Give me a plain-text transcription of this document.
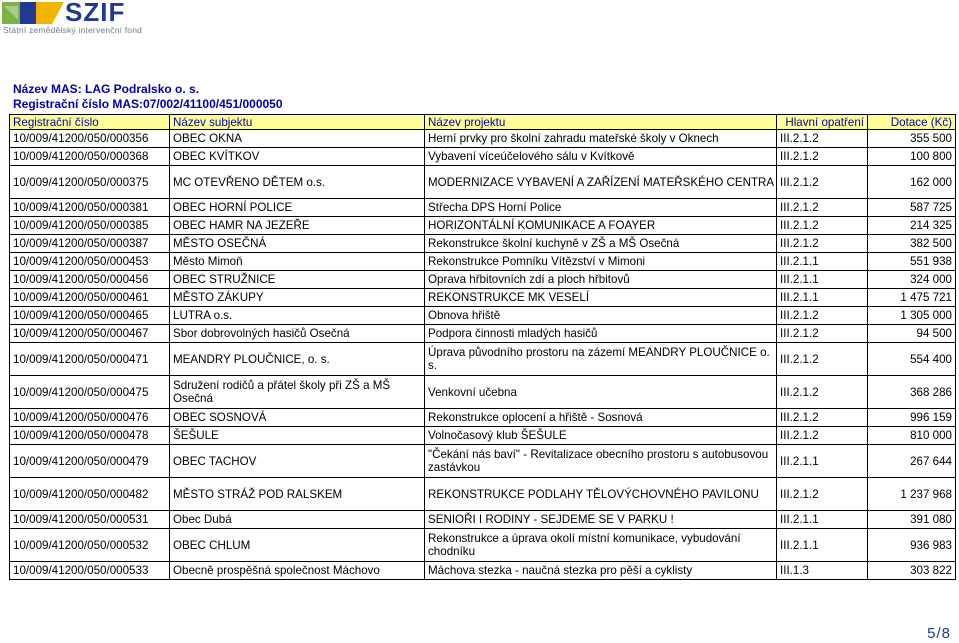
SZIF
Státní zemědělský intervenční fond
Název MAS: LAG Podralsko o. s.
Registrační číslo MAS:07/002/41100/451/000050
Registrační číslo	Název subjektu	Název projektu	Hlavní opatření	Dotace (Kč)
10/009/41200/050/000356	OBEC OKNA	Herní prvky pro školní zahradu mateřské školy v Oknech	III.2.1.2	355 500
10/009/41200/050/000368	OBEC KVÍTKOV	Vybavení víceúčelového sálu v Kvítkově	III.2.1.2	100 800
10/009/41200/050/000375	MC OTEVŘENO DĚTEM o.s.	MODERNIZACE VYBAVENÍ A ZAŘÍZENÍ MATEŘSKÉHO CENTRA	III.2.1.2	162 000
10/009/41200/050/000381	OBEC HORNÍ POLICE	Střecha DPS Horní Police	III.2.1.2	587 725
10/009/41200/050/000385	OBEC HAMR NA JEZEŘE	HORIZONTÁLNÍ KOMUNIKACE A FOAYER	III.2.1.2	214 325
10/009/41200/050/000387	MĚSTO OSEČNÁ	Rekonstrukce školní kuchyně v ZŠ a MŠ Osečná	III.2.1.2	382 500
10/009/41200/050/000453	Město Mimoň	Rekonstrukce Pomníku Vítězství v Mimoni	III.2.1.1	551 938
10/009/41200/050/000456	OBEC STRUŽNICE	Oprava hřbitovních zdí a ploch hřbitovů	III.2.1.1	324 000
10/009/41200/050/000461	MĚSTO ZÁKUPY	REKONSTRUKCE MK VESELÍ	III.2.1.1	1 475 721
10/009/41200/050/000465	LUTRA o.s.	Obnova hřiště	III.2.1.2	1 305 000
10/009/41200/050/000467	Sbor dobrovolných hasičů Osečná	Podpora činnosti mladých hasičů	III.2.1.2	94 500
10/009/41200/050/000471	MEANDRY PLOUČNICE, o. s.	Úprava původního prostoru na zázemí MEANDRY PLOUČNICE o. s.	III.2.1.2	554 400
10/009/41200/050/000475	Sdružení rodičů a přátel školy při ZŠ a MŠ Osečná	Venkovní učebna	III.2.1.2	368 286
10/009/41200/050/000476	OBEC SOSNOVÁ	Rekonstrukce oplocení a hřiště - Sosnová	III.2.1.2	996 159
10/009/41200/050/000478	ŠEŠULE	Volnočasový klub ŠEŠULE	III.2.1.2	810 000
10/009/41200/050/000479	OBEC TACHOV	"Čekání nás baví" - Revitalizace obecního prostoru s autobusovou zastávkou	III.2.1.1	267 644
10/009/41200/050/000482	MĚSTO STRÁŽ POD RALSKEM	REKONSTRUKCE PODLAHY TĚLOVÝCHOVNÉHO PAVILONU	III.2.1.2	1 237 968
10/009/41200/050/000531	Obec Dubá	SENIOŘI I RODINY - SEJDEME SE V PARKU !	III.2.1.1	391 080
10/009/41200/050/000532	OBEC CHLUM	Rekonstrukce a úprava okolí místní komunikace, vybudování chodníku	III.2.1.1	936 983
10/009/41200/050/000533	Obecně prospěšná společnost Máchovo	Máchova stezka - naučná stezka pro pěší a cyklisty	III.1.3	303 822
5/8
